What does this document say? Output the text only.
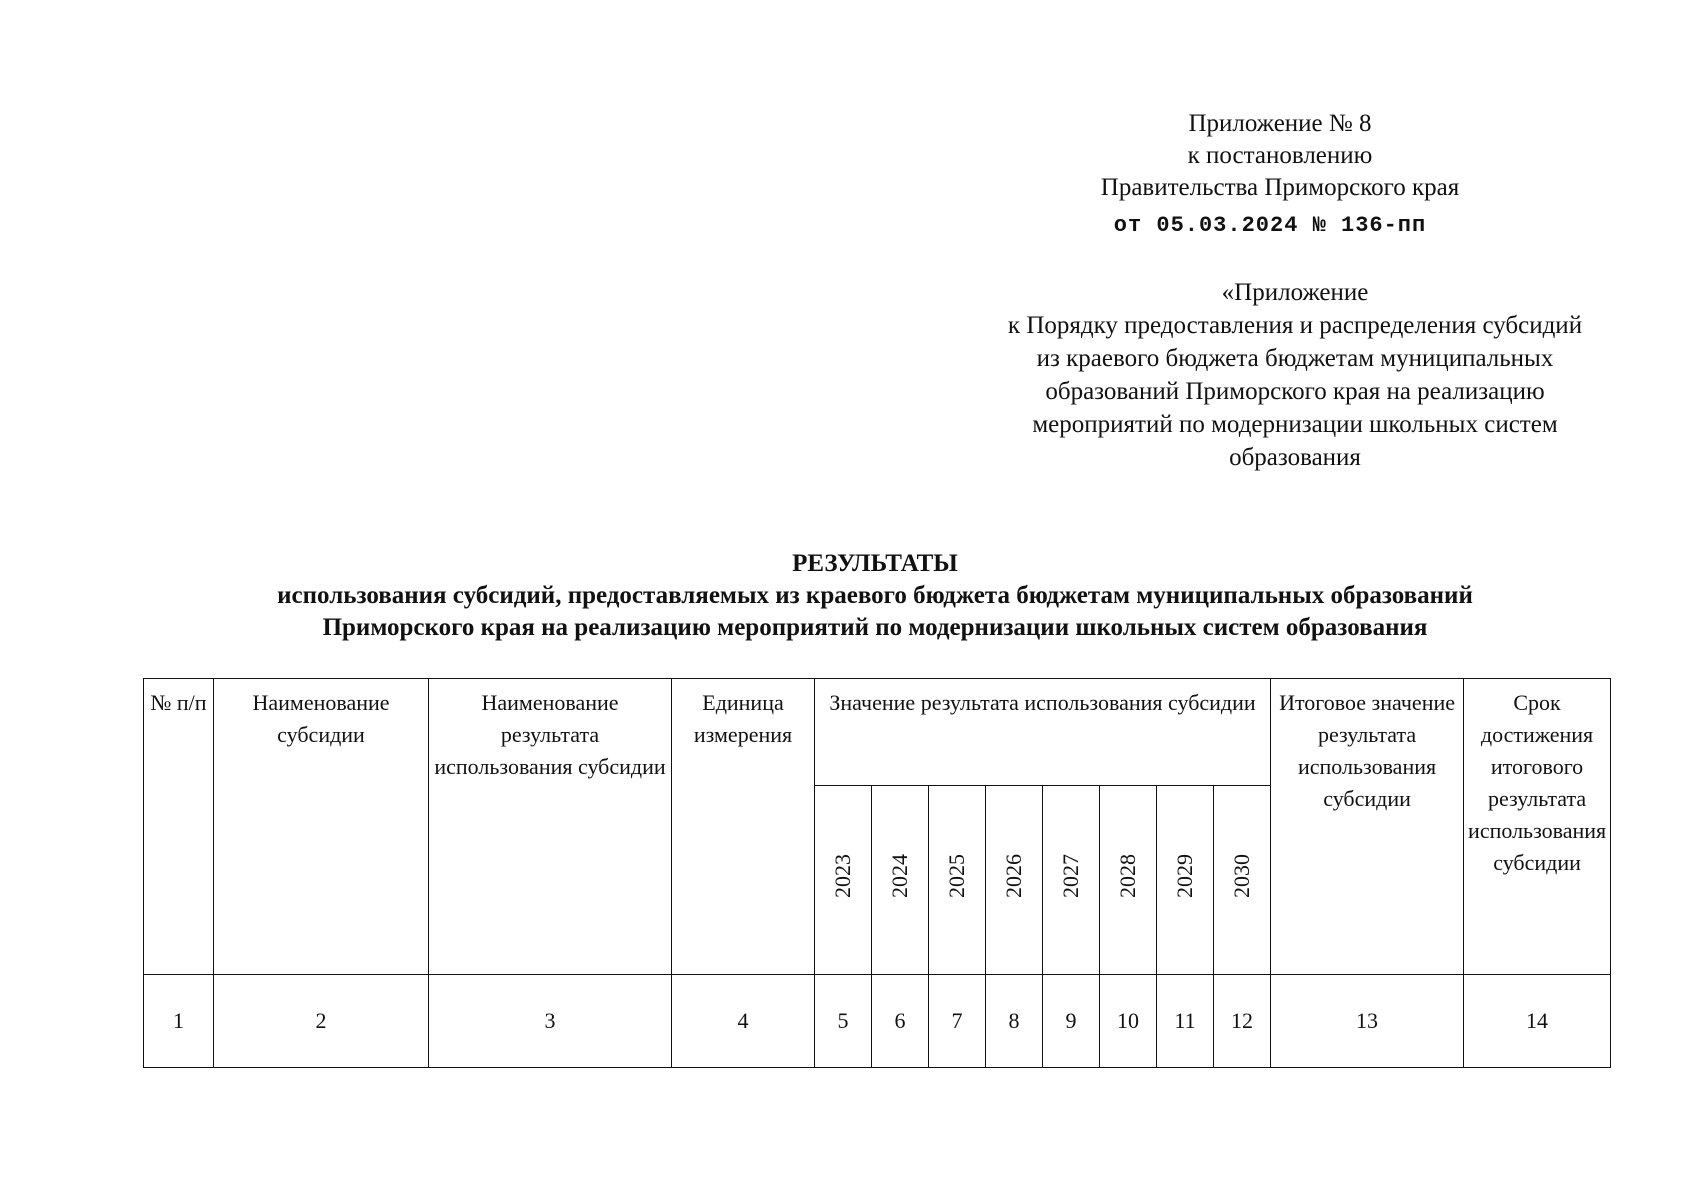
Приложение № 8
к постановлению
Правительства Приморского края
от 05.03.2024 № 136-пп
«Приложение
к Порядку предоставления и распределения субсидий
из краевого бюджета бюджетам муниципальных
образований Приморского края на реализацию
мероприятий по модернизации школьных систем
образования
РЕЗУЛЬТАТЫ
использования субсидий, предоставляемых из краевого бюджета бюджетам муниципальных образований
Приморского края на реализацию мероприятий по модернизации школьных систем образования
№ п/п	Наименование субсидии	Наименование результата использования субсидии	Единица измерения	Значение результата использования субсидии								Итоговое значение результата использования субсидии	Срок достижения итогового результата использования субсидии

				2023	2024	2025	2026	2027	2028	2029	2030		
1	2	3	4	5	6	7	8	9	10	11	12	13	14
